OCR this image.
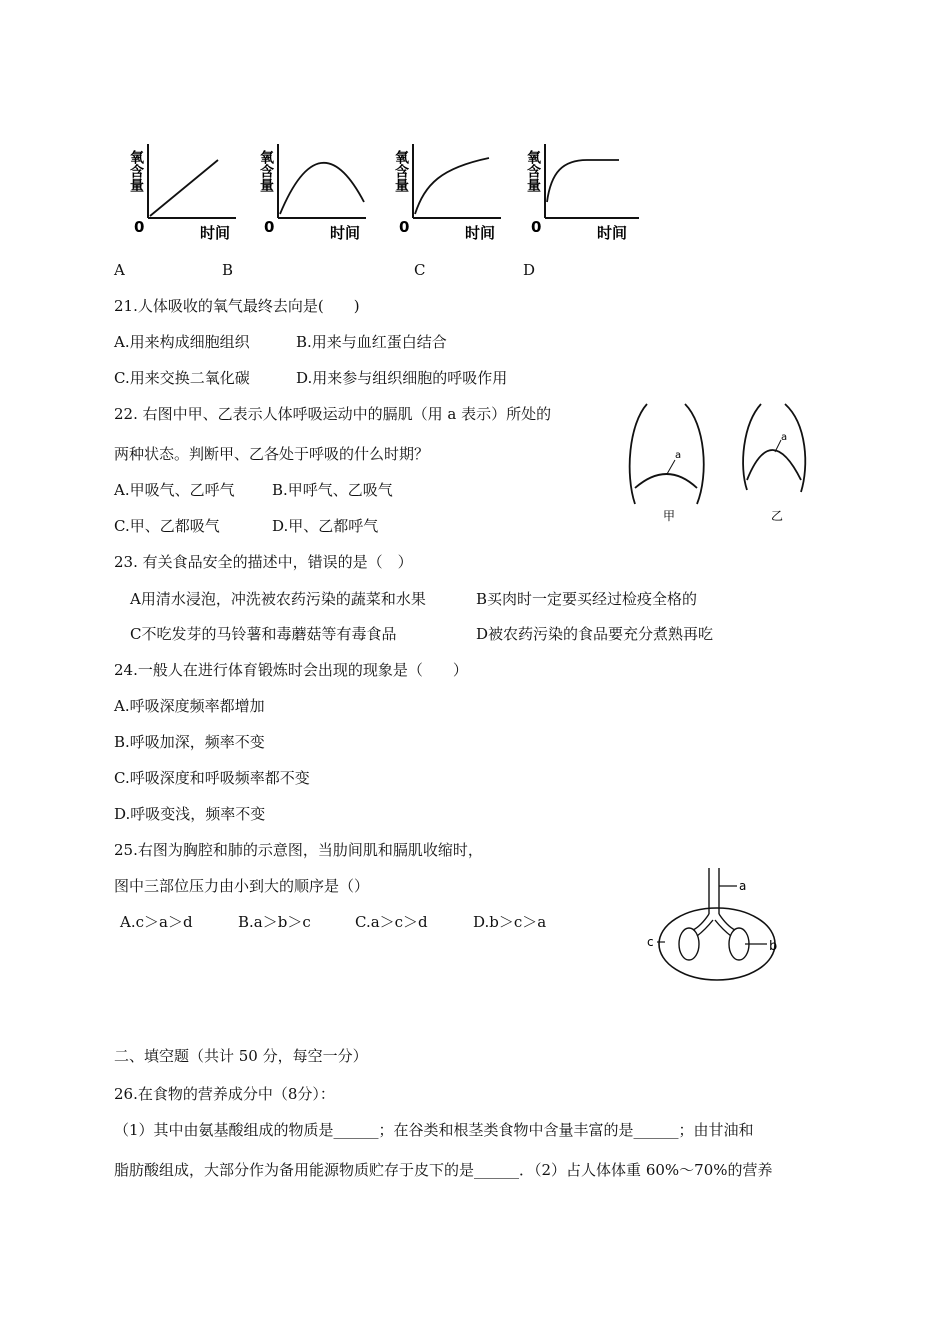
氧含量
0	时间
氧含量
0	时间
氧含量
0	时间
氧含量
0	时间
A	B	C	D
21.人体吸收的氧气最终去向是(　　)
A.用来构成细胞组织	B.用来与血红蛋白结合
C.用来交换二氧化碳	D.用来参与组织细胞的呼吸作用
22. 右图中甲、乙表示人体呼吸运动中的膈肌（用 a 表示）所处的
两种状态。判断甲、乙各处于呼吸的什么时期？
A.甲吸气、乙呼气 B.甲呼气、乙吸气
C.甲、乙都吸气	D.甲、乙都呼气
a
甲
a
乙
23. 有关食品安全的描述中，错误的是（　）
A用清水浸泡，冲洗被农药污染的蔬菜和水果	B买肉时一定要买经过检疫全格的
C不吃发芽的马铃薯和毒蘑菇等有毒食品	D被农药污染的食品要充分煮熟再吃
24.一般人在进行体育锻炼时会出现的现象是（　　）
A.呼吸深度频率都增加
B.呼吸加深，频率不变
C.呼吸深度和呼吸频率都不变
D.呼吸变浅，频率不变
25.右图为胸腔和肺的示意图，当肋间肌和膈肌收缩时，
图中三部位压力由小到大的顺序是（）
A.c＞a＞d	B.a＞b＞c	C.a＞c＞d	D.b＞c＞a
a
b
c
二、填空题（共计 50 分，每空一分）
26.在食物的营养成分中（8分）：
（1）其中由氨基酸组成的物质是______；在谷类和根茎类食物中含量丰富的是______；由甘油和
脂肪酸组成，大部分作为备用能源物质贮存于皮下的是______．（2）占人体体重 60%～70%的营养
